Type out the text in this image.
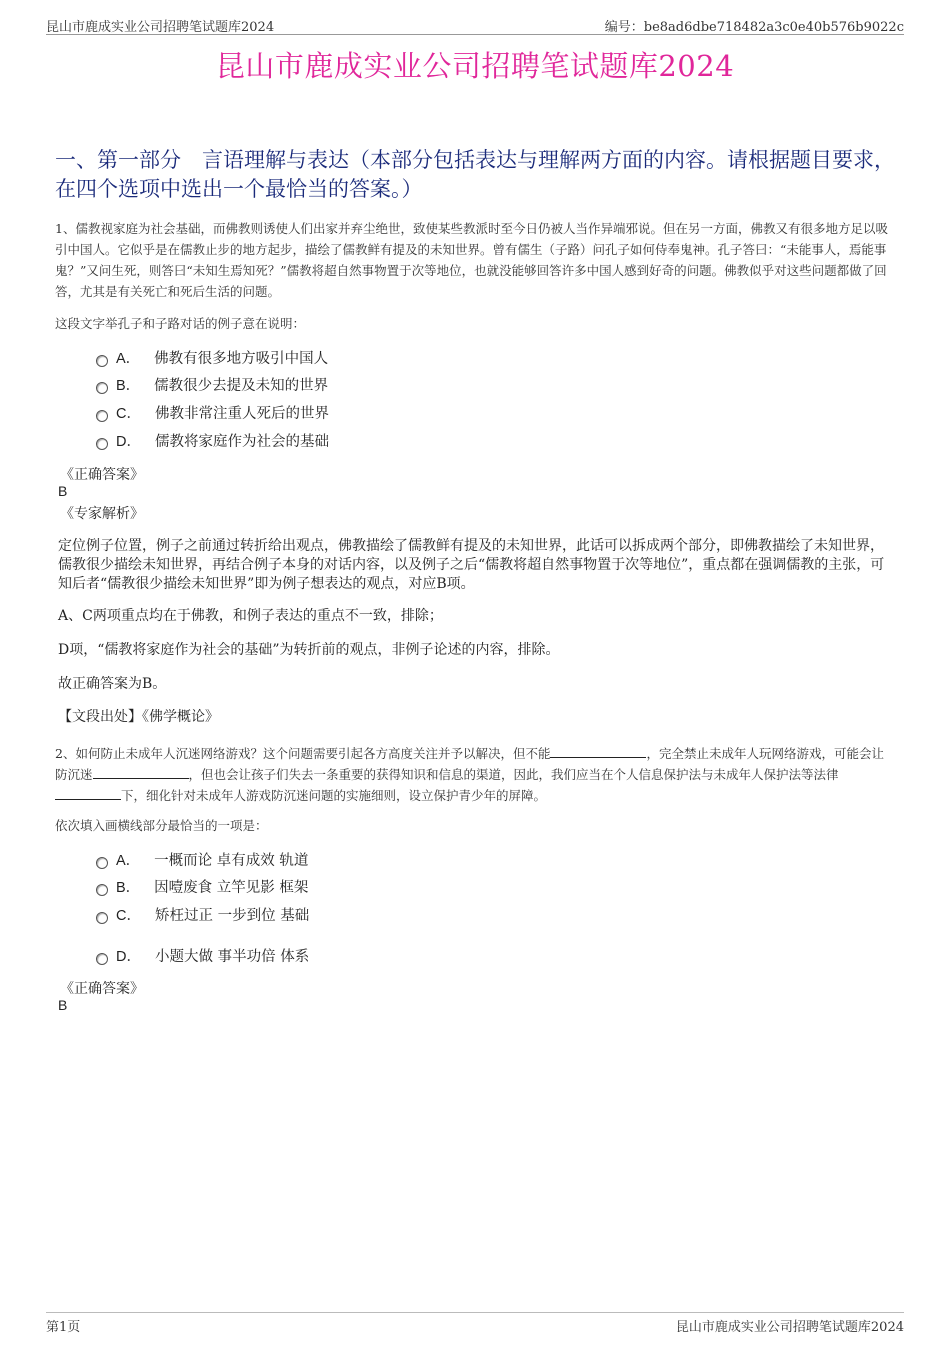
昆山市鹿成实业公司招聘笔试题库2024	编号：be8ad6dbe718482a3c0e40b576b9022c
昆山市鹿成实业公司招聘笔试题库2024
一、第一部分　言语理解与表达（本部分包括表达与理解两方面的内容。请根据题目要求，在四个选项中选出一个最恰当的答案。）
1、儒教视家庭为社会基础，而佛教则诱使人们出家并弃尘绝世，致使某些教派时至今日仍被人当作异端邪说。但在另一方面，佛教又有很多地方足以吸引中国人。它似乎是在儒教止步的地方起步，描绘了儒教鲜有提及的未知世界。曾有儒生（子路）问孔子如何侍奉鬼神。孔子答曰：“未能事人，焉能事鬼？”又问生死，则答曰“未知生焉知死？”儒教将超自然事物置于次等地位，也就没能够回答许多中国人感到好奇的问题。佛教似乎对这些问题都做了回答，尤其是有关死亡和死后生活的问题。
这段文字举孔子和子路对话的例子意在说明：
A． 佛教有很多地方吸引中国人
B． 儒教很少去提及未知的世界
C． 佛教非常注重人死后的世界
D． 儒教将家庭作为社会的基础
《正确答案》
B
《专家解析》
定位例子位置，例子之前通过转折给出观点，佛教描绘了儒教鲜有提及的未知世界，此话可以拆成两个部分，即佛教描绘了未知世界，儒教很少描绘未知世界，再结合例子本身的对话内容，以及例子之后“儒教将超自然事物置于次等地位”，重点都在强调儒教的主张，可知后者“儒教很少描绘未知世界”即为例子想表达的观点，对应B项。
A、C两项重点均在于佛教，和例子表达的重点不一致，排除；
D项，“儒教将家庭作为社会的基础”为转折前的观点，非例子论述的内容，排除。
故正确答案为B。
【文段出处】《佛学概论》
2、如何防止未成年人沉迷网络游戏？这个问题需要引起各方高度关注并予以解决，但不能	，完全禁止未成年人玩网络游戏，可能会让防沉迷	，但也会让孩子们失去一条重要的获得知识和信息的渠道，因此，我们应当在个人信息保护法与未成年人保护法等法律下，细化针对未成年人游戏防沉迷问题的实施细则，设立保护青少年的屏障。
依次填入画横线部分最恰当的一项是：
A． 一概而论 卓有成效 轨道
B． 因噎废食 立竿见影 框架
C． 矫枉过正 一步到位 基础
D． 小题大做 事半功倍 体系
《正确答案》
B
第1页	昆山市鹿成实业公司招聘笔试题库2024
